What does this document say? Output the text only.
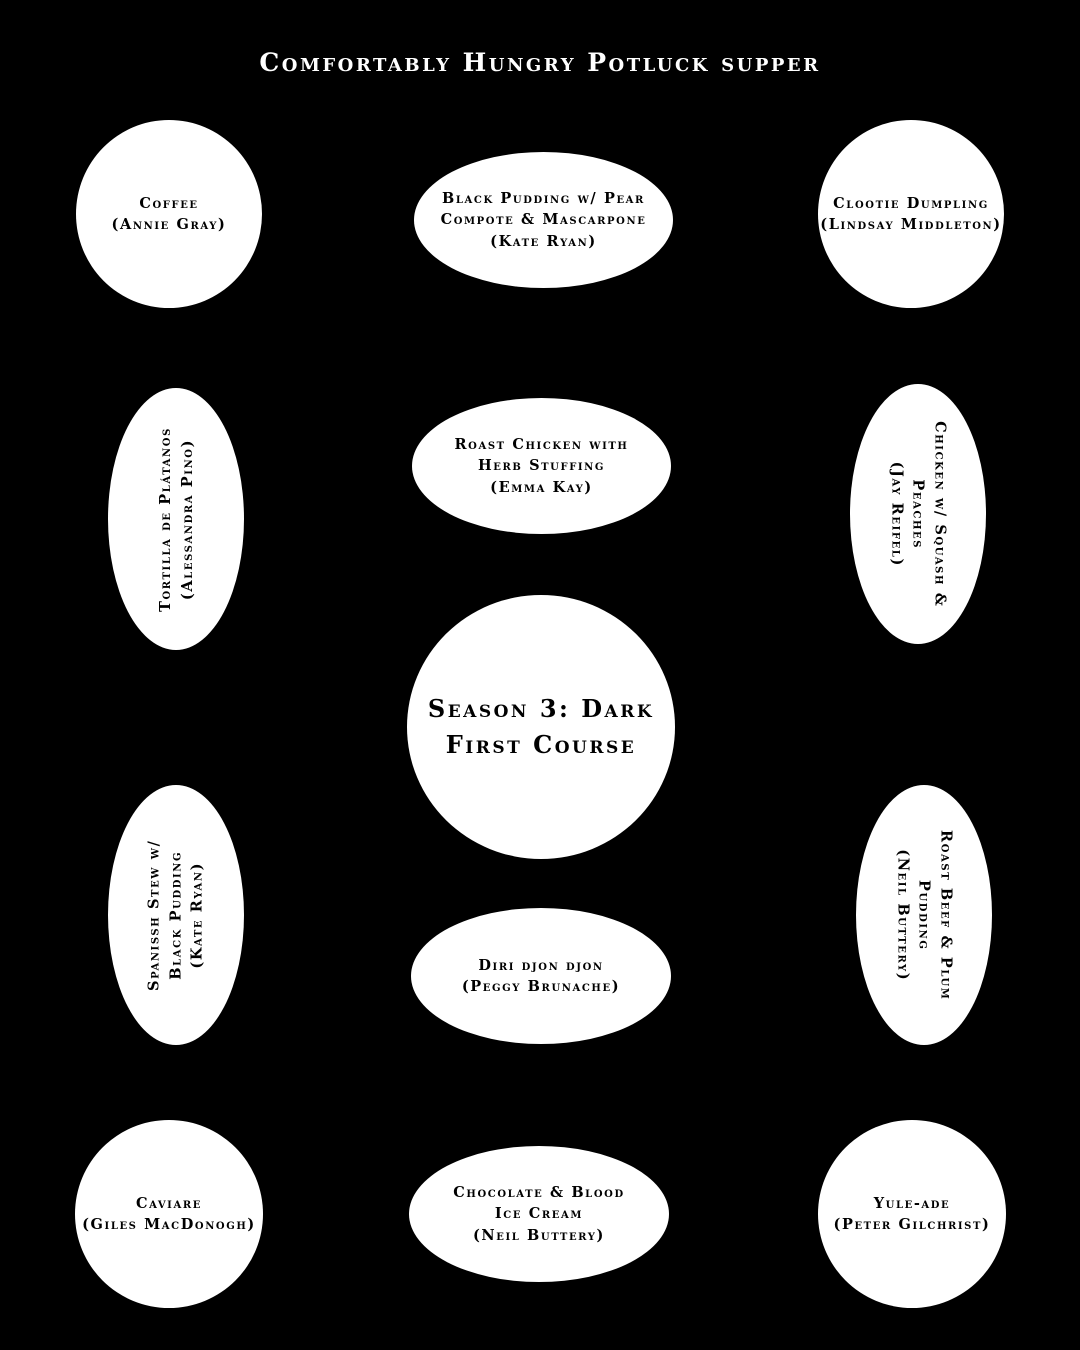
Comfortably Hungry Potluck supper
Coffee
(Annie Gray)
Black Pudding w/ Pear
Compote & Mascarpone
(Kate Ryan)
Clootie Dumpling
(Lindsay Middleton)
Tortilla de Plátanos (Alessandra Pino)	Roast Chicken with
Herb Stuffing
(Emma Kay)	Chicken w/ Squash &
Peaches
(Jay Reifel)
Season 3: Dark
First Course
Spanissh Stew w/ Black Pudding (Kate Ryan)	Diri djon djon
(Peggy Brunache)	Roast Beef & Plum
Pudding
(Neil Buttery)
Caviare
(Giles MacDonogh)
Chocolate & Blood
Ice Cream
(Neil Buttery)
Yule-ade
(Peter Gilchrist)
